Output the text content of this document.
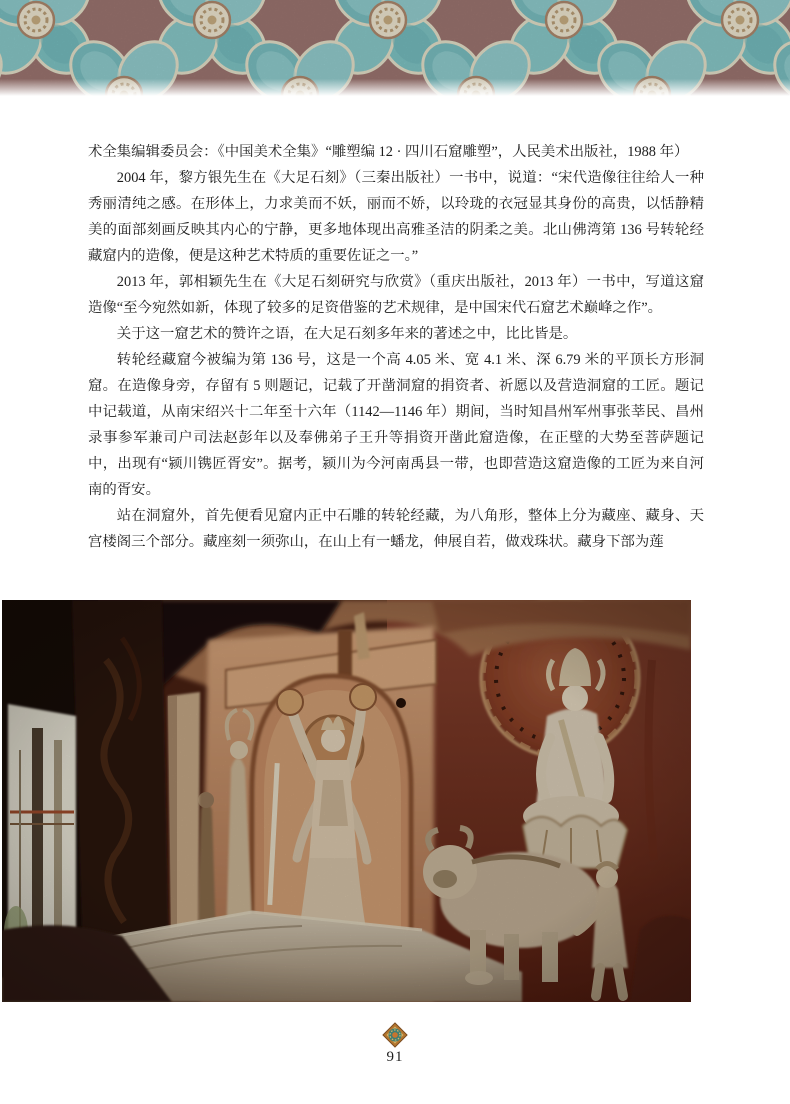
术全集编辑委员会：《中国美术全集》“雕塑编 12 · 四川石窟雕塑”，人民美术出版社，1988 年）

2004 年，黎方银先生在《大足石刻》（三秦出版社）一书中，说道：“宋代造像往往给人一种秀丽清纯之感。在形体上，力求美而不妖，丽而不娇，以玲珑的衣冠显其身份的高贵，以恬静精美的面部刻画反映其内心的宁静，更多地体现出高雅圣洁的阴柔之美。北山佛湾第 136 号转轮经藏窟内的造像，便是这种艺术特质的重要佐证之一。”

2013 年，郭相颖先生在《大足石刻研究与欣赏》（重庆出版社，2013 年）一书中，写道这窟造像“至今宛然如新，体现了较多的足资借鉴的艺术规律，是中国宋代石窟艺术巅峰之作”。

关于这一窟艺术的赞许之语，在大足石刻多年来的著述之中，比比皆是。

转轮经藏窟今被编为第 136 号，这是一个高 4.05 米、宽 4.1 米、深 6.79 米的平顶长方形洞窟。在造像身旁，存留有 5 则题记，记载了开凿洞窟的捐资者、祈愿以及营造洞窟的工匠。题记中记载道，从南宋绍兴十二年至十六年（1142—1146 年）期间，当时知昌州军州事张莘民、昌州录事参军兼司户司法赵彭年以及奉佛弟子王升等捐资开凿此窟造像，在正壁的大势至菩萨题记中，出现有“颍川镌匠胥安”。据考，颍川为今河南禹县一带，也即营造这窟造像的工匠为来自河南的胥安。

站在洞窟外，首先便看见窟内正中石雕的转轮经藏，为八角形，整体上分为藏座、藏身、天宫楼阁三个部分。藏座刻一须弥山，在山上有一蟠龙，伸展自若，做戏珠状。藏身下部为莲

91
